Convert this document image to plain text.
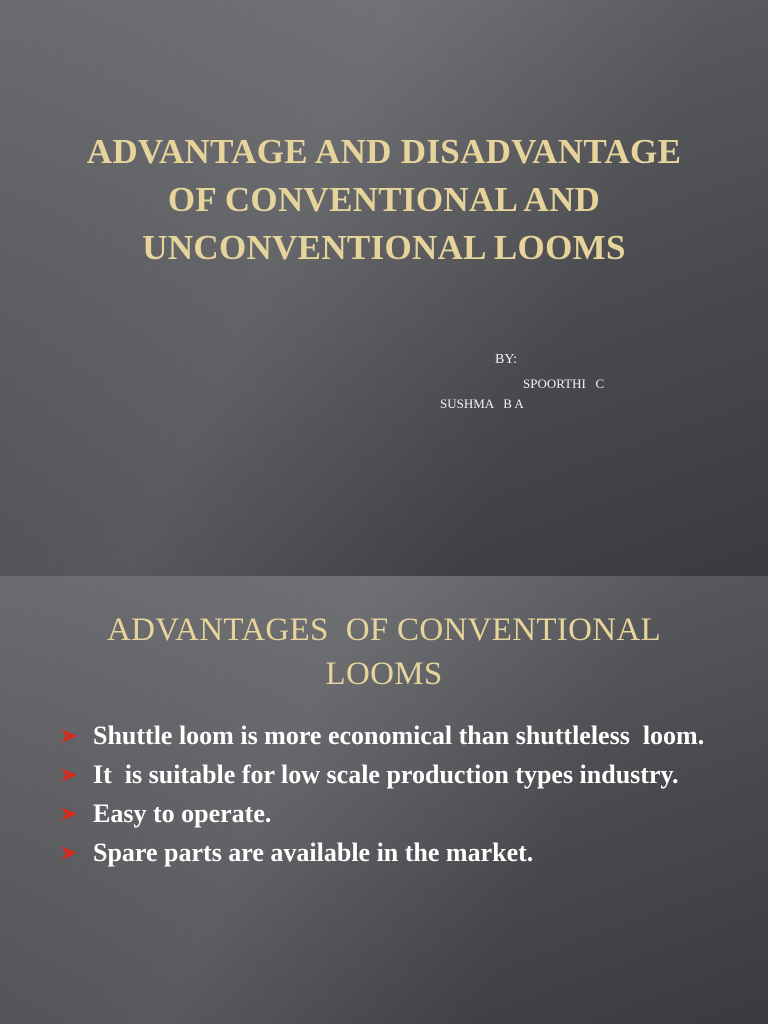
ADVANTAGE AND DISADVANTAGE
OF CONVENTIONAL AND
UNCONVENTIONAL LOOMS
BY:
SPOORTHI   C
SUSHMA   B A
ADVANTAGES  OF CONVENTIONAL
LOOMS
Shuttle loom is more economical than shuttleless  loom.
It  is suitable for low scale production types industry.
Easy to operate.
Spare parts are available in the market.
